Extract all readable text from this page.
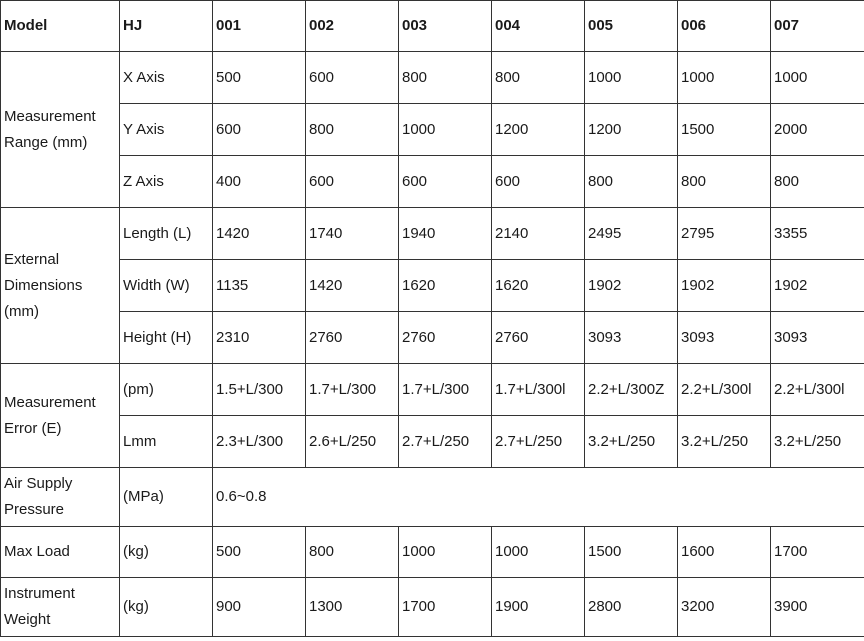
Model	HJ	001	002	003	004	005	006	007
Measurement Range (mm)	X Axis	500	600	800	800	1000	1000	1000
	Y Axis	600	800	1000	1200	1200	1500	2000
	Z Axis	400	600	600	600	800	800	800
External Dimensions (mm)	Length (L)	1420	1740	1940	2140	2495	2795	3355
	Width (W)	1135	1420	1620	1620	1902	1902	1902
	Height (H)	2310	2760	2760	2760	3093	3093	3093
Measurement Error (E)	(pm)	1.5+L/300	1.7+L/300	1.7+L/300	1.7+L/300l	2.2+L/300Z	2.2+L/300l	2.2+L/300l
	Lmm	2.3+L/300	2.6+L/250	2.7+L/250	2.7+L/250	3.2+L/250	3.2+L/250	3.2+L/250
Air Supply Pressure	(MPa)	0.6~0.8						
Max Load	(kg)	500	800	1000	1000	1500	1600	1700
Instrument Weight	(kg)	900	1300	1700	1900	2800	3200	3900
